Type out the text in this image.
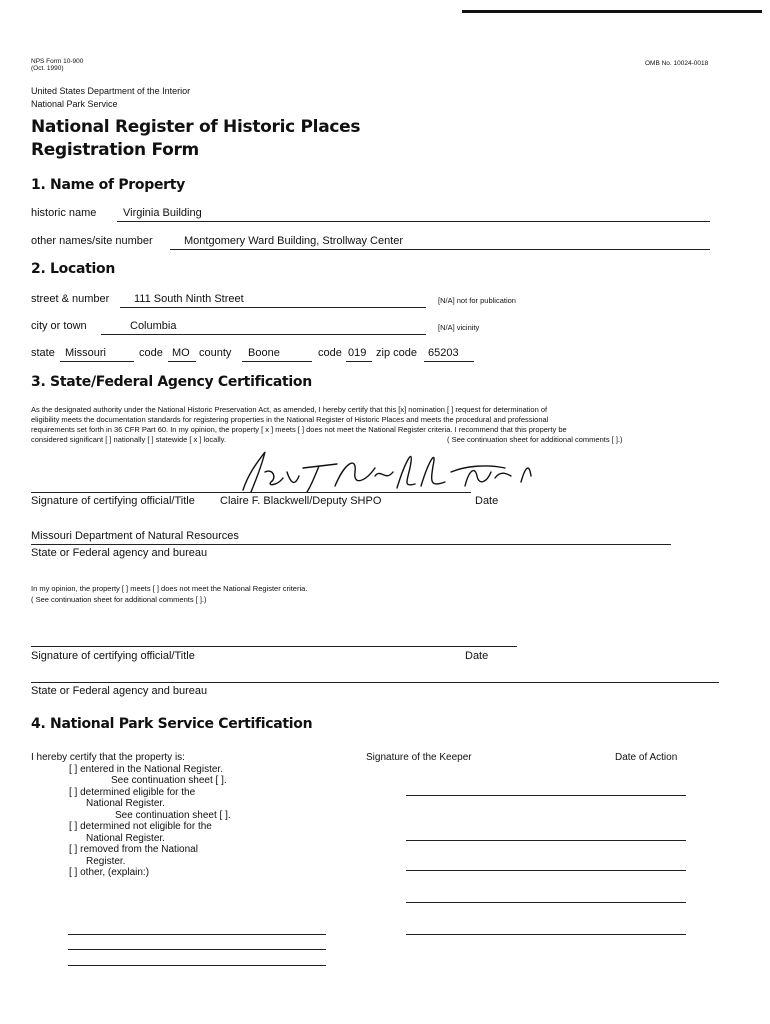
NPS Form 10-900
(Oct. 1990)
OMB No. 10024-0018
United States Department of the Interior
National Park Service
National Register of Historic Places
Registration Form
1. Name of Property
historic name Virginia Building
other names/site number	Montgomery Ward Building, Strollway Center
2. Location
street & number 111 South Ninth Street	[N/A] not for publication
city or town	Columbia	[N/A] vicinity
state Missouri	code MO county Boone	code 019 zip code 65203
3. State/Federal Agency Certification
As the designated authority under the National Historic Preservation Act, as amended, I hereby certify that this [x] nomination [ ] request for determination of
eligibility meets the documentation standards for registering properties in the National Register of Historic Places and meets the procedural and professional
requirements set forth in 36 CFR Part 60. In my opinion, the property [ x ] meets [ ] does not meet the National Register criteria. I recommend that this property be
considered significant [ ] nationally [ ] statewide [ x ] locally.	( See continuation sheet for additional comments [ ].)
Signature of certifying official/Title Claire F. Blackwell/Deputy SHPO	Date
Missouri Department of Natural Resources
State or Federal agency and bureau
In my opinion, the property [ ] meets [ ] does not meet the National Register criteria.
( See continuation sheet for additional comments [ ].)
Signature of certifying official/Title	Date
State or Federal agency and bureau
4. National Park Service Certification
I hereby certify that the property is:
[ ] entered in the National Register.
See continuation sheet [ ].
[ ] determined eligible for the
National Register.
See continuation sheet [ ].
[ ] determined not eligible for the
National Register.
[ ] removed from the National
Register.
[ ] other, (explain:)
Signature of the Keeper	Date of Action
